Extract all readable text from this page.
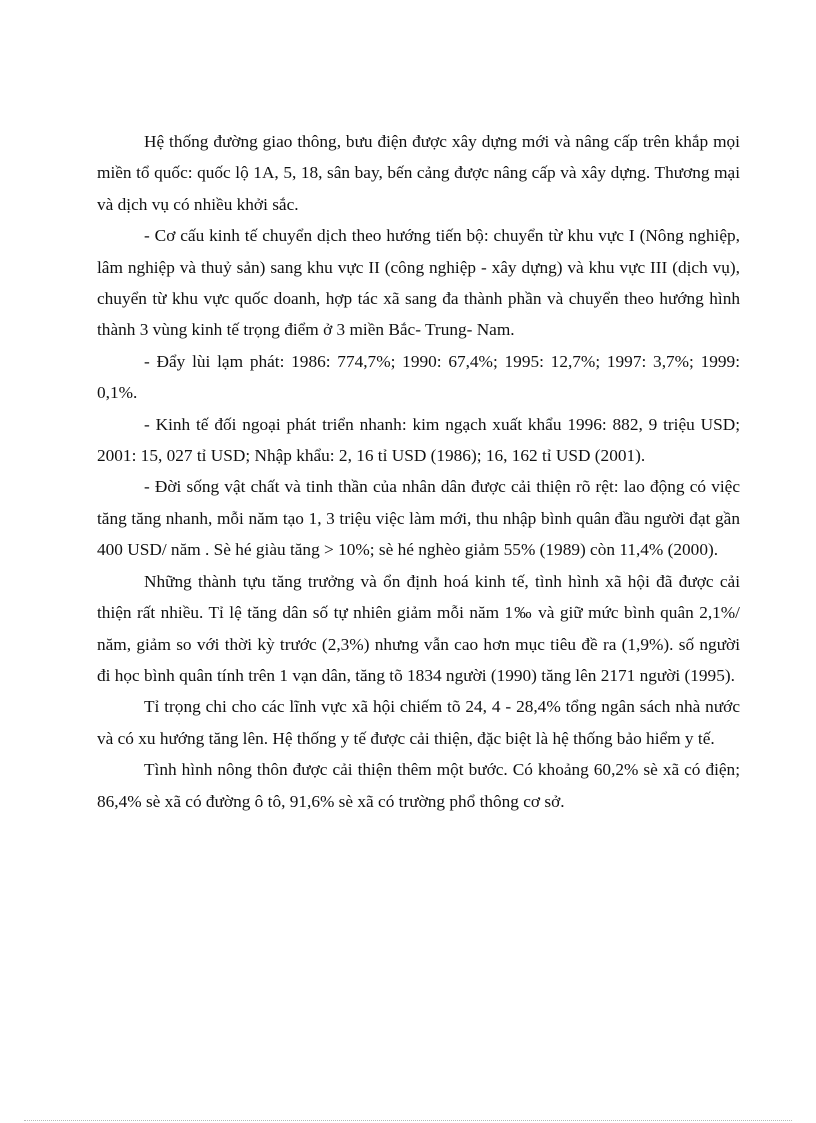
Hệ thống đường giao thông, bưu điện được xây dựng mới và nâng cấp trên khắp mọi miền tổ quốc: quốc lộ 1A, 5, 18, sân bay, bến cảng được nâng cấp và xây dựng. Thương mại và dịch vụ có nhiều khởi sắc.

- Cơ cấu kinh tế chuyển dịch theo hướng tiến bộ: chuyển từ khu vực I (Nông nghiệp, lâm nghiệp và thuỷ sản) sang khu vực II (công nghiệp - xây dựng) và khu vực III (dịch vụ), chuyển từ khu vực quốc doanh, hợp tác xã sang đa thành phần và chuyển theo hướng hình thành 3 vùng kinh tế trọng điểm ở 3 miền Bắc- Trung- Nam.

- Đẩy lùi lạm phát: 1986: 774,7%; 1990: 67,4%; 1995: 12,7%; 1997: 3,7%; 1999: 0,1%.

- Kinh tế đối ngoại phát triển nhanh: kim ngạch xuất khẩu 1996: 882, 9 triệu USD; 2001: 15, 027 tỉ USD; Nhập khẩu: 2, 16 tỉ USD (1986); 16, 162 tỉ USD (2001).

- Đời sống vật chất và tinh thần của nhân dân được cải thiện rõ rệt: lao động có việc tăng tăng nhanh, mỗi năm tạo 1, 3 triệu việc làm mới, thu nhập bình quân đầu người đạt gần 400 USD/ năm . Sè hé giàu tăng > 10%; sè hé nghèo giảm 55% (1989) còn 11,4% (2000).

Những thành tựu tăng trưởng và ổn định hoá kinh tế, tình hình xã hội đã được cải thiện rất nhiều. Tỉ lệ tăng dân số tự nhiên giảm mỗi năm 1‰ và giữ mức bình quân 2,1%/ năm, giảm so với thời kỳ trước (2,3%) nhưng vẫn cao hơn mục tiêu đề ra (1,9%). số người đi học bình quân tính trên 1 vạn dân, tăng tõ 1834 người (1990) tăng lên 2171 người (1995).

Tỉ trọng chi cho các lĩnh vực xã hội chiếm tõ 24, 4 - 28,4% tổng ngân sách nhà nước và có xu hướng tăng lên. Hệ thống y tế được cải thiện, đặc biệt là hệ thống bảo hiểm y tế.

Tình hình nông thôn được cải thiện thêm một bước. Có khoảng 60,2% sè xã có điện; 86,4% sè xã có đường ô tô, 91,6% sè xã có trường phổ thông cơ sở.
